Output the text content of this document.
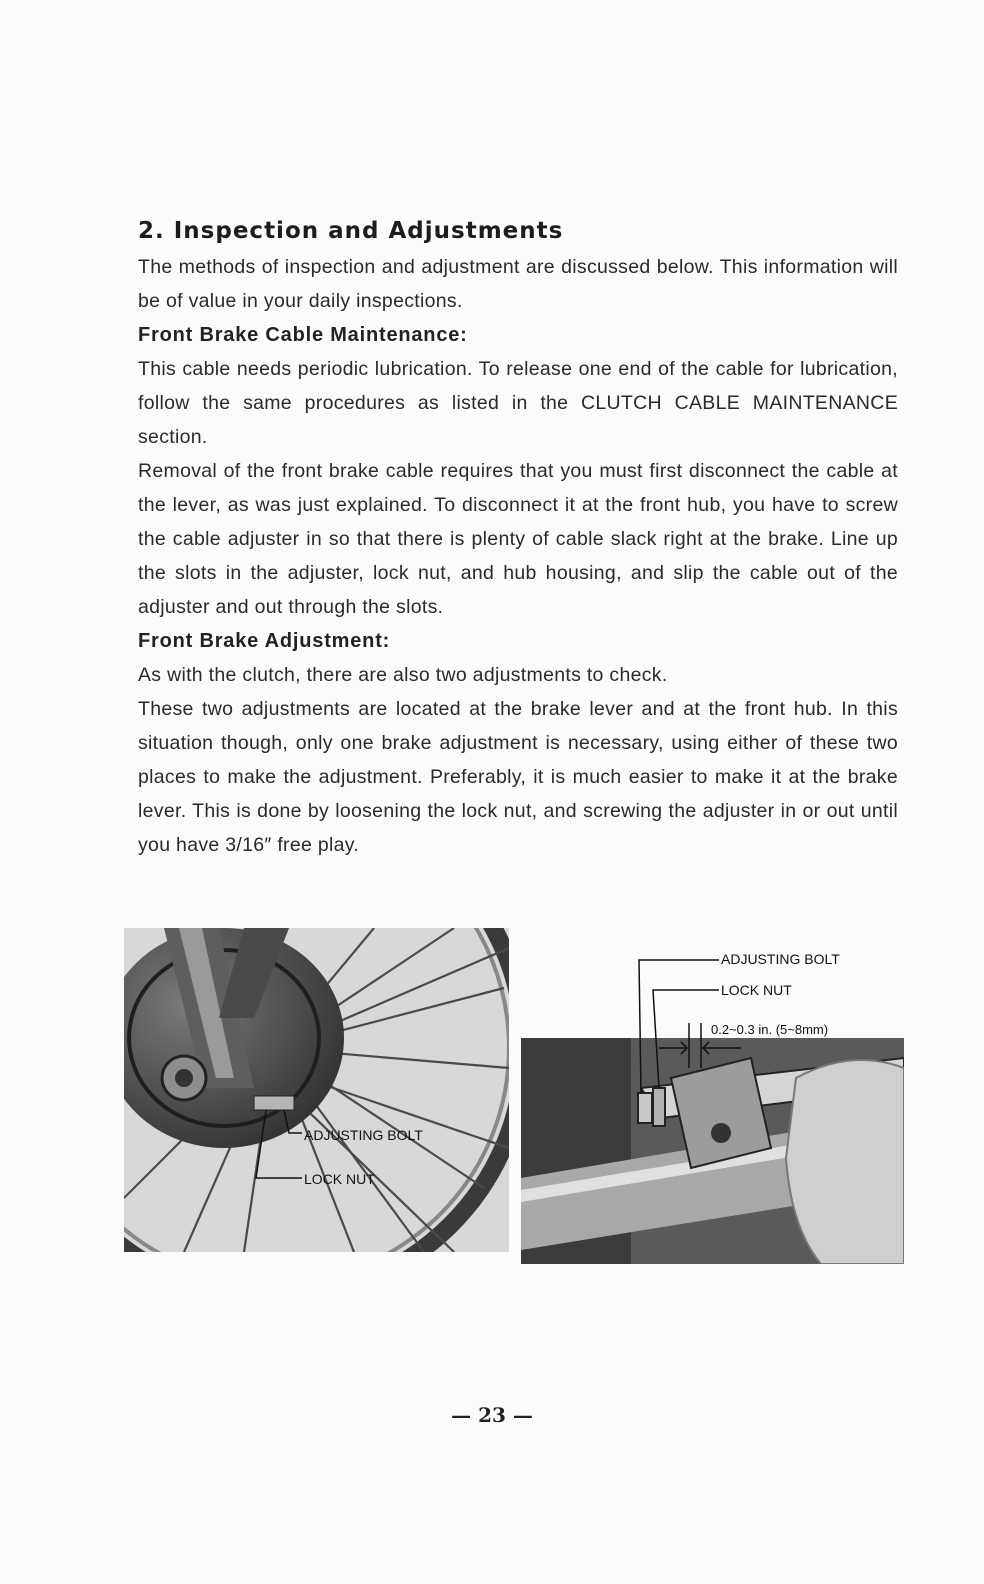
2. Inspection and Adjustments

The methods of inspection and adjustment are discussed below. This information will be of value in your daily inspections.

Front Brake Cable Maintenance:

This cable needs periodic lubrication. To release one end of the cable for lubrication, follow the same procedures as listed in the CLUTCH CABLE MAINTENANCE section.

Removal of the front brake cable requires that you must first disconnect the cable at the lever, as was just explained. To disconnect it at the front hub, you have to screw the cable adjuster in so that there is plenty of cable slack right at the brake. Line up the slots in the adjuster, lock nut, and hub housing, and slip the cable out of the adjuster and out through the slots.

Front Brake Adjustment:

As with the clutch, there are also two adjustments to check.

These two adjustments are located at the brake lever and at the front hub. In this situation though, only one brake adjustment is necessary, using either of these two places to make the adjustment. Preferably, it is much easier to make it at the brake lever. This is done by loosening the lock nut, and screwing the adjuster in or out until you have 3/16″ free play.

ADJUSTING BOLT
LOCK NUT
ADJUSTING BOLT
LOCK NUT
0.2~0.3 in. (5~8mm)
— 23 —
